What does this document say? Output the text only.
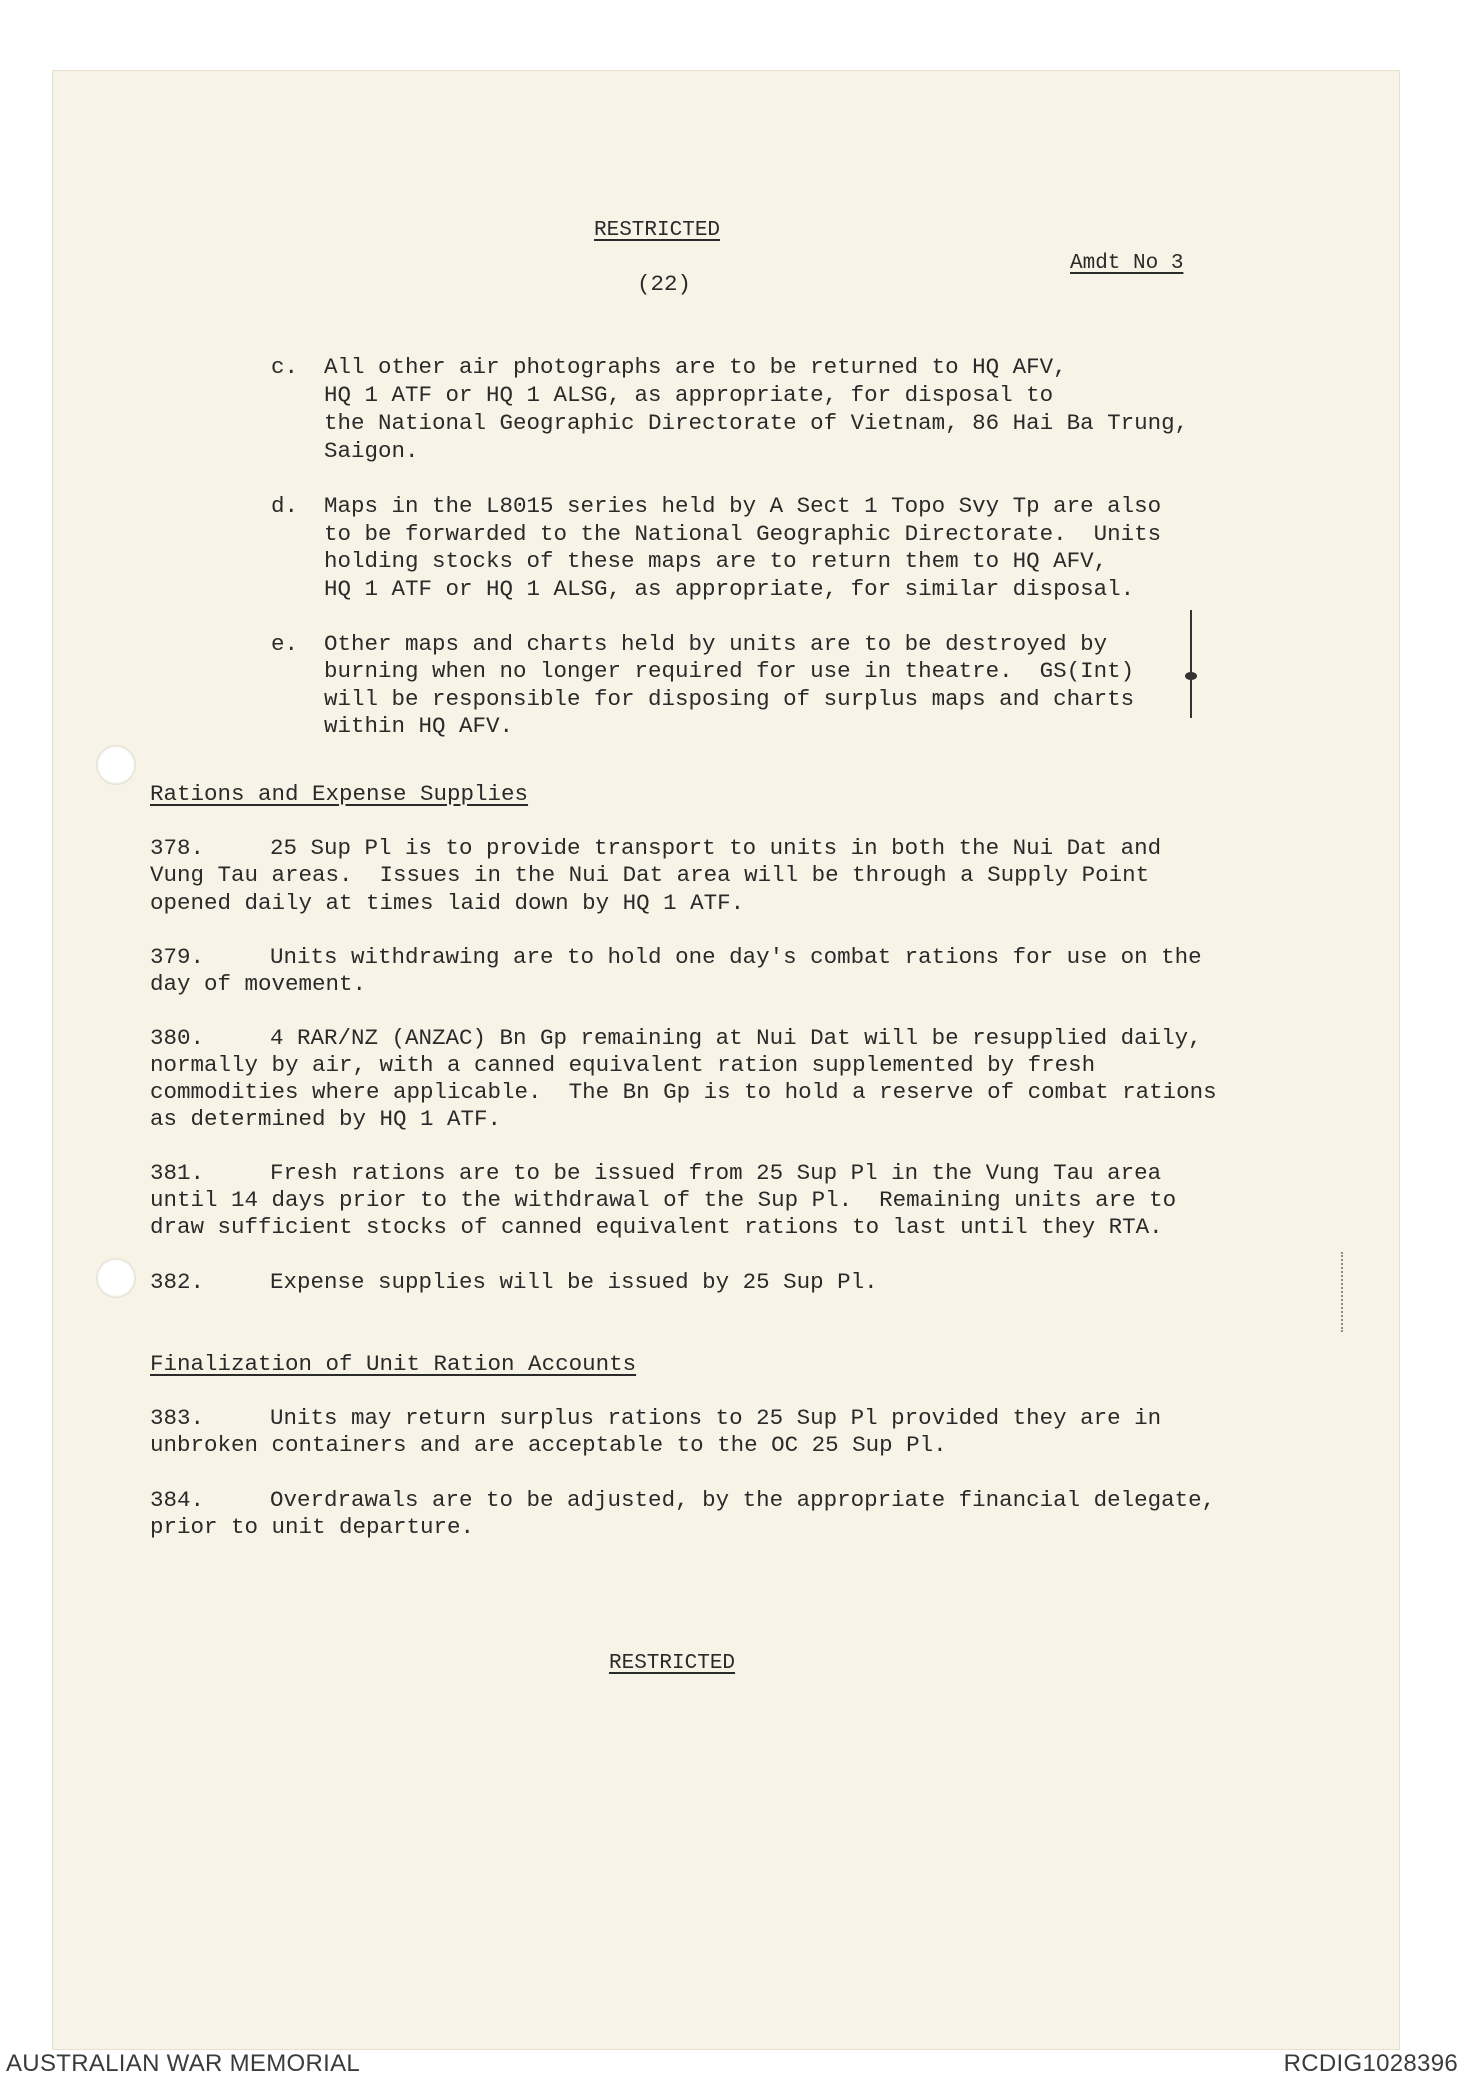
RESTRICTED
Amdt No 3
(22)
c. All other air photographs are to be returned to HQ AFV,
HQ 1 ATF or HQ 1 ALSG, as appropriate, for disposal to
the National Geographic Directorate of Vietnam, 86 Hai Ba Trung,
Saigon.
d. Maps in the L8015 series held by A Sect 1 Topo Svy Tp are also
to be forwarded to the National Geographic Directorate.  Units
holding stocks of these maps are to return them to HQ AFV,
HQ 1 ATF or HQ 1 ALSG, as appropriate, for similar disposal.
e. Other maps and charts held by units are to be destroyed by
burning when no longer required for use in theatre.  GS(Int)
will be responsible for disposing of surplus maps and charts
within HQ AFV.
Rations and Expense Supplies
378.	25 Sup Pl is to provide transport to units in both the Nui Dat and
Vung Tau areas.  Issues in the Nui Dat area will be through a Supply Point
opened daily at times laid down by HQ 1 ATF.
379.	Units withdrawing are to hold one day's combat rations for use on the
day of movement.
380.	4 RAR/NZ (ANZAC) Bn Gp remaining at Nui Dat will be resupplied daily,
normally by air, with a canned equivalent ration supplemented by fresh
commodities where applicable.  The Bn Gp is to hold a reserve of combat rations
as determined by HQ 1 ATF.
381.	Fresh rations are to be issued from 25 Sup Pl in the Vung Tau area
until 14 days prior to the withdrawal of the Sup Pl.  Remaining units are to
draw sufficient stocks of canned equivalent rations to last until they RTA.
382.	Expense supplies will be issued by 25 Sup Pl.
Finalization of Unit Ration Accounts
383.	Units may return surplus rations to 25 Sup Pl provided they are in
unbroken containers and are acceptable to the OC 25 Sup Pl.
384.	Overdrawals are to be adjusted, by the appropriate financial delegate,
prior to unit departure.
RESTRICTED
AUSTRALIAN WAR MEMORIAL	RCDIG1028396
